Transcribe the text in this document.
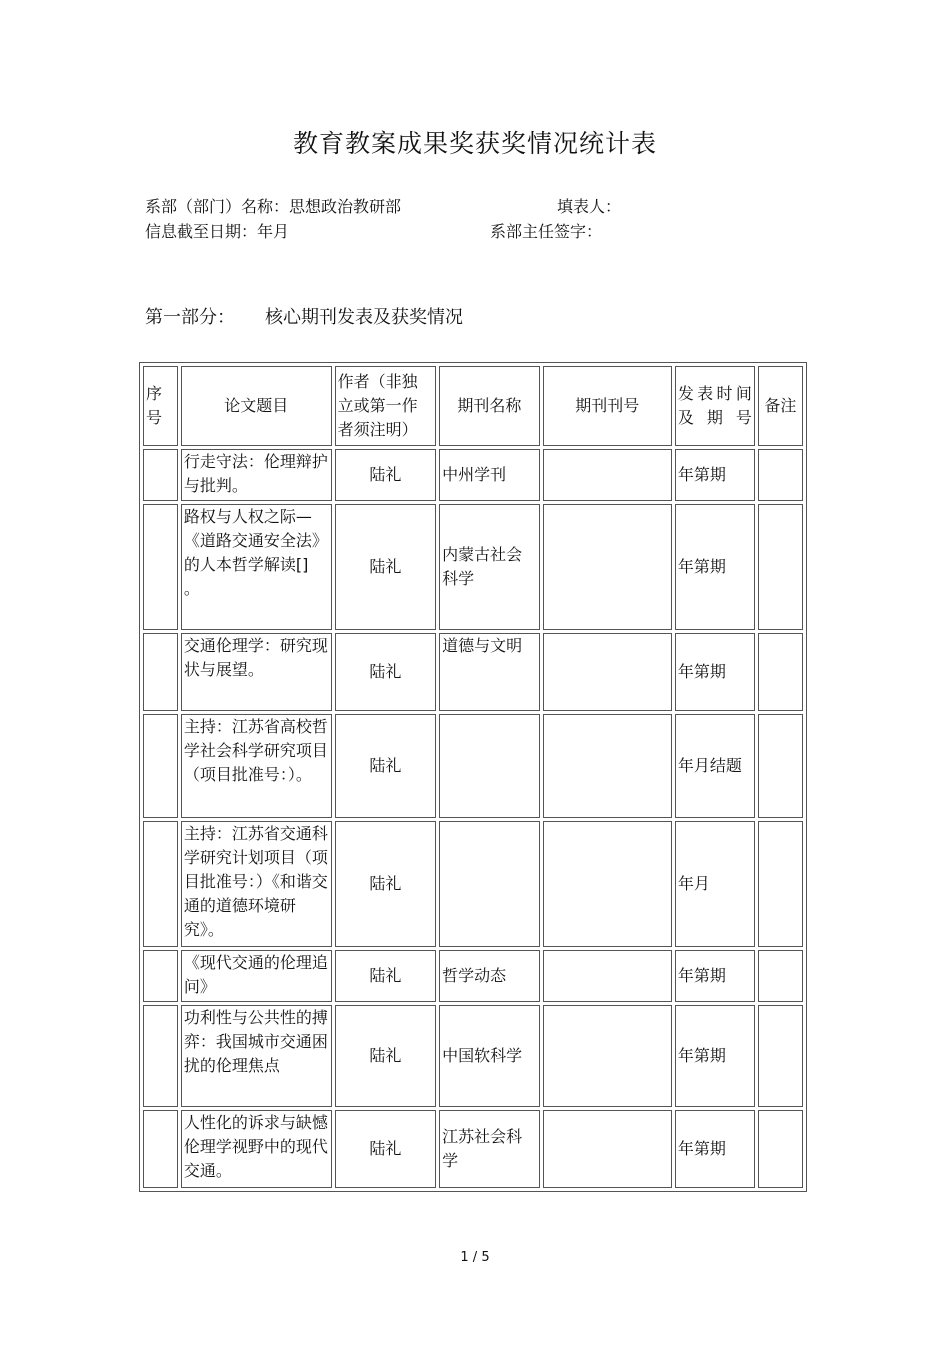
教育教案成果奖获奖情况统计表
系部（部门）名称：思想政治教研部	填表人：
信息截至日期：年月	系部主任签字：
第一部分： 核心期刊发表及获奖情况
序号	论文题目	作者（非独立或第一作者须注明）	期刊名称	期刊刊号	发表时间及期号	备注
	行走守法：伦理辩护与批判。	陆礼	中州学刊		年第期	
	路权与人权之际—《道路交通安全法》的人本哲学解读[] 。	陆礼	内蒙古社会科学		年第期	
	交通伦理学：研究现状与展望。	陆礼	道德与文明		年第期	
	主持：江苏省高校哲学社会科学研究项目（项目批准号：）。	陆礼			年月结题	
	主持：江苏省交通科学研究计划项目（项目批准号：）《和谐交通的道德环境研究》。	陆礼			年月	
	《现代交通的伦理追问》	陆礼	哲学动态		年第期	
	功利性与公共性的搏弈：我国城市交通困扰的伦理焦点	陆礼	中国软科学		年第期	
	人性化的诉求与缺憾伦理学视野中的现代交通。	陆礼	江苏社会科学		年第期	
1 / 5
